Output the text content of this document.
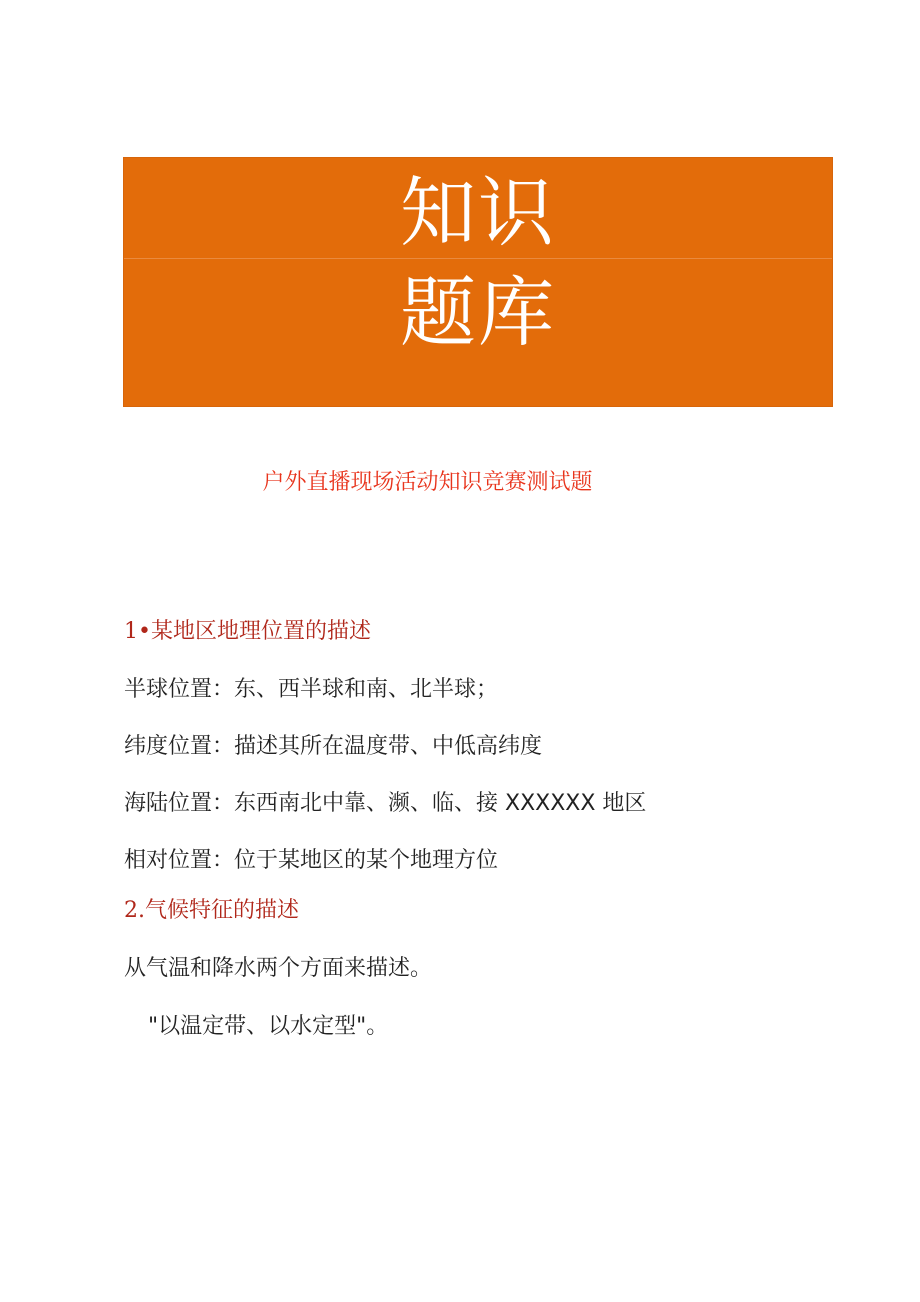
知识
题库
户外直播现场活动知识竞赛测试题
1•某地区地理位置的描述
半球位置：东、西半球和南、北半球；
纬度位置：描述其所在温度带、中低高纬度
海陆位置：东西南北中靠、濒、临、接 XXXXXX 地区
相对位置：位于某地区的某个地理方位
2.气候特征的描述
从气温和降水两个方面来描述。
"以温定带、以水定型"。
